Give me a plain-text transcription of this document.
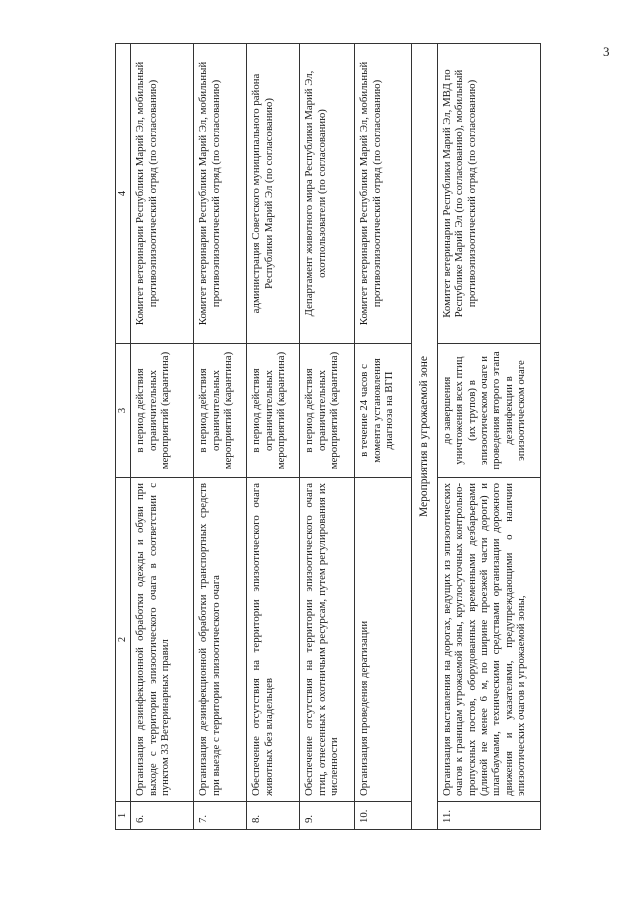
3
1	2	3	4
6.	Организация дезинфекционной обработки одежды и обуви при выходе с территории эпизоотического очага в соответствии с пунктом 33 Ветеринарных правил	в период действия ограничительных мероприятий (карантина)	Комитет ветеринарии Республики Марий Эл, мобильный противоэпизоотический отряд (по согласованию)
7.	Организация дезинфекционной обработки транспортных средств при выезде с территории эпизоотического очага	в период действия ограничительных мероприятий (карантина)	Комитет ветеринарии Республики Марий Эл, мобильный противоэпизоотический отряд (по согласованию)
8.	Обеспечение отсутствия на территории эпизоотического очага животных без владельцев	в период действия ограничительных мероприятий (карантина)	администрация Советского муниципального района Республики Марий Эл (по согласованию)
9.	Обеспечение отсутствия на территории эпизоотического очага птиц, отнесенных к охотничьим ресурсам, путем регулирования их численности	в период действия ограничительных мероприятий (карантина)	Департамент животного мира Республики Марий Эл, охотпользователи (по согласованию)
10.	Организация проведения дератизации	в течение 24 часов с момента установления диагноза на ВГП	Комитет ветеринарии Республики Марий Эл, мобильный противоэпизоотический отряд (по согласованию)
Мероприятия в угрожаемой зоне			
11.	Организация выставления на дорогах, ведущих из эпизоотических очагов к границам угрожаемой зоны, круглосуточных контрольно-пропускных постов, оборудованных временными дезбарьерами (длиной не менее 6 м, по ширине проезжей части дороги) и шлагбаумами, техническими средствами организации дорожного движения и указателями, предупреждающими о наличии эпизоотических очагов и угрожаемой зоны,	до завершения уничтожения всех птиц (их трупов) в эпизоотическом очаге и проведения второго этапа дезинфекции в эпизоотическом очаге	Комитет ветеринарии Республики Марий Эл, МВД по Республике Марий Эл (по согласованию), мобильный противоэпизоотический отряд (по согласованию)
